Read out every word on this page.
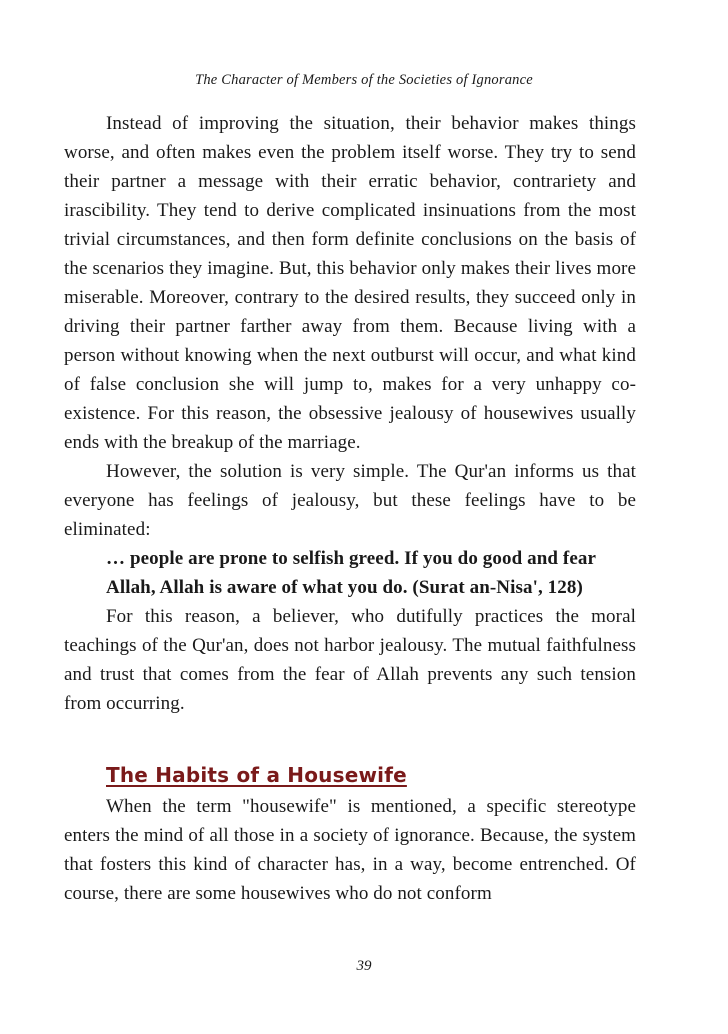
The Character of Members of the Societies of Ignorance

Instead of improving the situation, their behavior makes things worse, and often makes even the problem itself worse. They try to send their partner a message with their erratic behavior, contrariety and irascibility. They tend to derive complicated insinuations from the most trivial circumstances, and then form definite conclusions on the basis of the scenarios they imagine. But, this behavior only makes their lives more miserable. Moreover, contrary to the desired results, they succeed only in driving their partner farther away from them. Because living with a person without knowing when the next outburst will occur, and what kind of false conclusion she will jump to, makes for a very unhappy co-existence. For this reason, the obsessive jealousy of housewives usually ends with the breakup of the marriage.

However, the solution is very simple. The Qur'an informs us that everyone has feelings of jealousy, but these feelings have to be eliminated:

… people are prone to selfish greed. If you do good and fear Allah, Allah is aware of what you do. (Surat an-Nisa', 128)

For this reason, a believer, who dutifully practices the moral teachings of the Qur'an, does not harbor jealousy. The mutual faithfulness and trust that comes from the fear of Allah prevents any such tension from occurring.

The Habits of a Housewife

When the term "housewife" is mentioned, a specific stereotype enters the mind of all those in a society of ignorance. Because, the system that fosters this kind of character has, in a way, become entrenched. Of course, there are some housewives who do not conform

39
